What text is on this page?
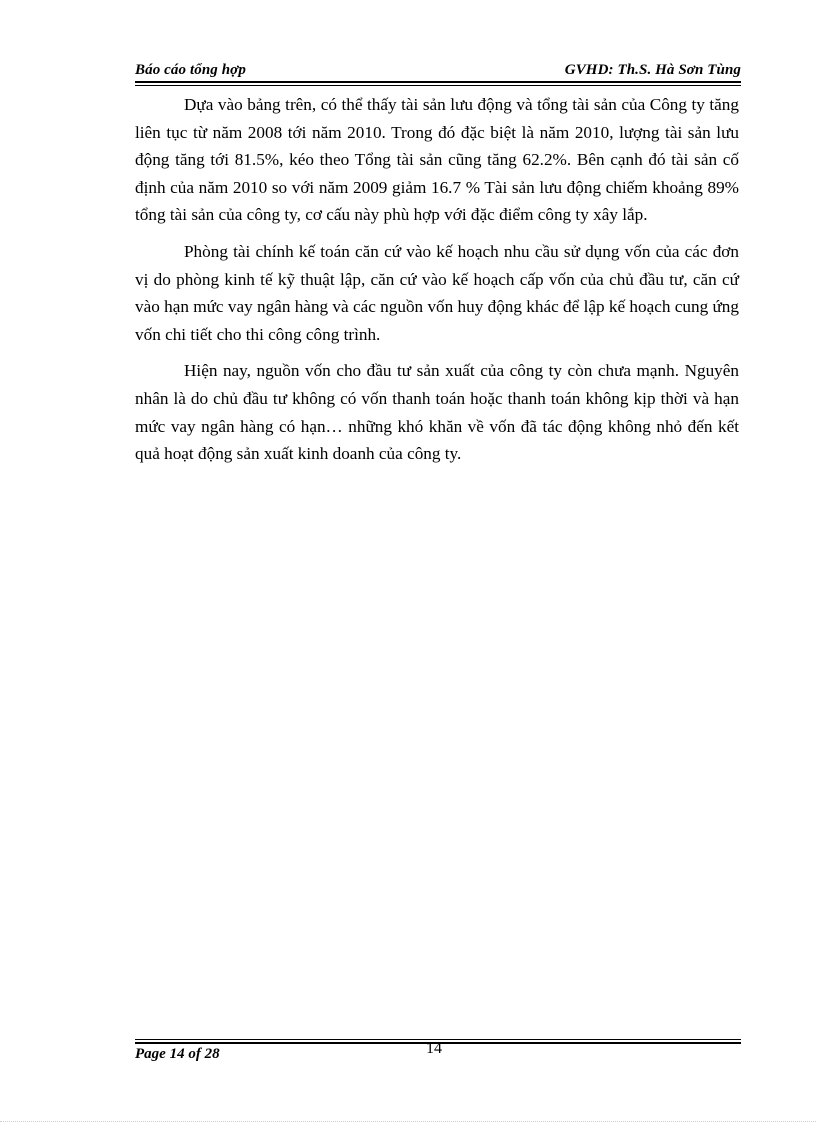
Báo cáo tổng hợp	GVHD: Th.S. Hà Sơn Tùng

Dựa vào bảng trên, có thể thấy tài sản lưu động và tổng tài sản của Công ty tăng liên tục từ năm 2008 tới năm 2010. Trong đó đặc biệt là năm 2010, lượng tài sản lưu động tăng tới 81.5%, kéo theo Tổng tài sản cũng tăng 62.2%. Bên cạnh đó tài sản cố định của năm 2010 so với năm 2009 giảm 16.7 % Tài sản lưu động chiếm khoảng 89% tổng tài sản của công ty, cơ cấu này phù hợp với đặc điểm công ty xây lắp.

Phòng tài chính kế toán căn cứ vào kế hoạch nhu cầu sử dụng vốn của các đơn vị do phòng kinh tế kỹ thuật lập, căn cứ vào kế hoạch cấp vốn của chủ đầu tư, căn cứ vào hạn mức vay ngân hàng và các nguồn vốn huy động khác để lập kế hoạch cung ứng vốn chi tiết cho thi công công trình.

Hiện nay, nguồn vốn cho đầu tư sản xuất của công ty còn chưa mạnh. Nguyên nhân là do chủ đầu tư không có vốn thanh toán hoặc thanh toán không kịp thời và hạn mức vay ngân hàng có hạn… những khó khăn về vốn đã tác động không nhỏ đến kết quả hoạt động sản xuất kinh doanh của công ty.

Page 14 of 28	14
